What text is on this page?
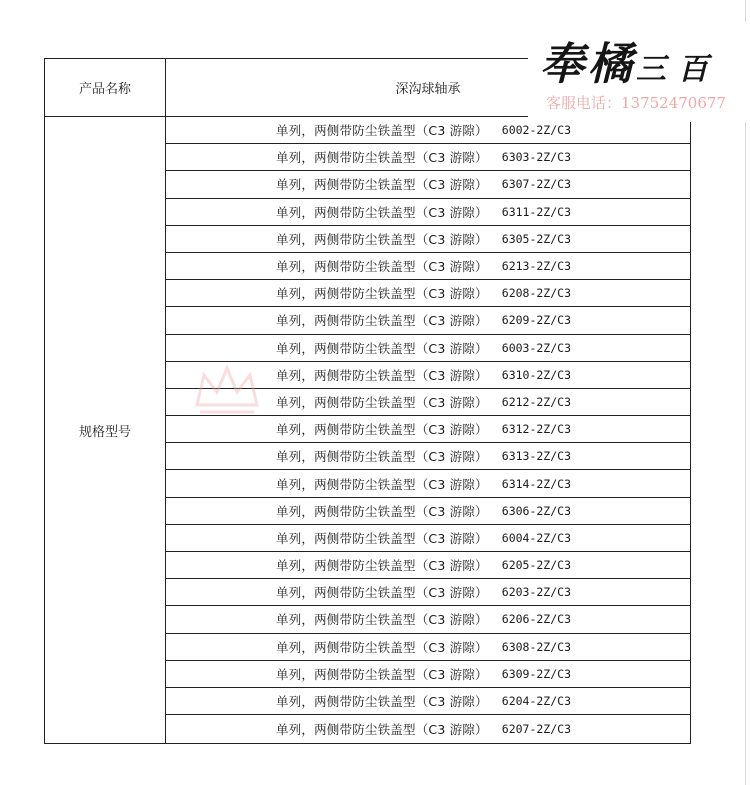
产品名称	深沟球轴承
规格型号
单列，两侧带防尘铁盖型（C3 游隙） 6002-2Z/C3
单列，两侧带防尘铁盖型（C3 游隙） 6303-2Z/C3
单列，两侧带防尘铁盖型（C3 游隙） 6307-2Z/C3
单列，两侧带防尘铁盖型（C3 游隙） 6311-2Z/C3
单列，两侧带防尘铁盖型（C3 游隙） 6305-2Z/C3
单列，两侧带防尘铁盖型（C3 游隙） 6213-2Z/C3
单列，两侧带防尘铁盖型（C3 游隙） 6208-2Z/C3
单列，两侧带防尘铁盖型（C3 游隙） 6209-2Z/C3
单列，两侧带防尘铁盖型（C3 游隙） 6003-2Z/C3
单列，两侧带防尘铁盖型（C3 游隙） 6310-2Z/C3
单列，两侧带防尘铁盖型（C3 游隙） 6212-2Z/C3
单列，两侧带防尘铁盖型（C3 游隙） 6312-2Z/C3
单列，两侧带防尘铁盖型（C3 游隙） 6313-2Z/C3
单列，两侧带防尘铁盖型（C3 游隙） 6314-2Z/C3
单列，两侧带防尘铁盖型（C3 游隙） 6306-2Z/C3
单列，两侧带防尘铁盖型（C3 游隙） 6004-2Z/C3
单列，两侧带防尘铁盖型（C3 游隙） 6205-2Z/C3
单列，两侧带防尘铁盖型（C3 游隙） 6203-2Z/C3
单列，两侧带防尘铁盖型（C3 游隙） 6206-2Z/C3
单列，两侧带防尘铁盖型（C3 游隙） 6308-2Z/C3
单列，两侧带防尘铁盖型（C3 游隙） 6309-2Z/C3
单列，两侧带防尘铁盖型（C3 游隙） 6204-2Z/C3
单列，两侧带防尘铁盖型（C3 游隙） 6207-2Z/C3
奉橘三百
客服电话：13752470677
